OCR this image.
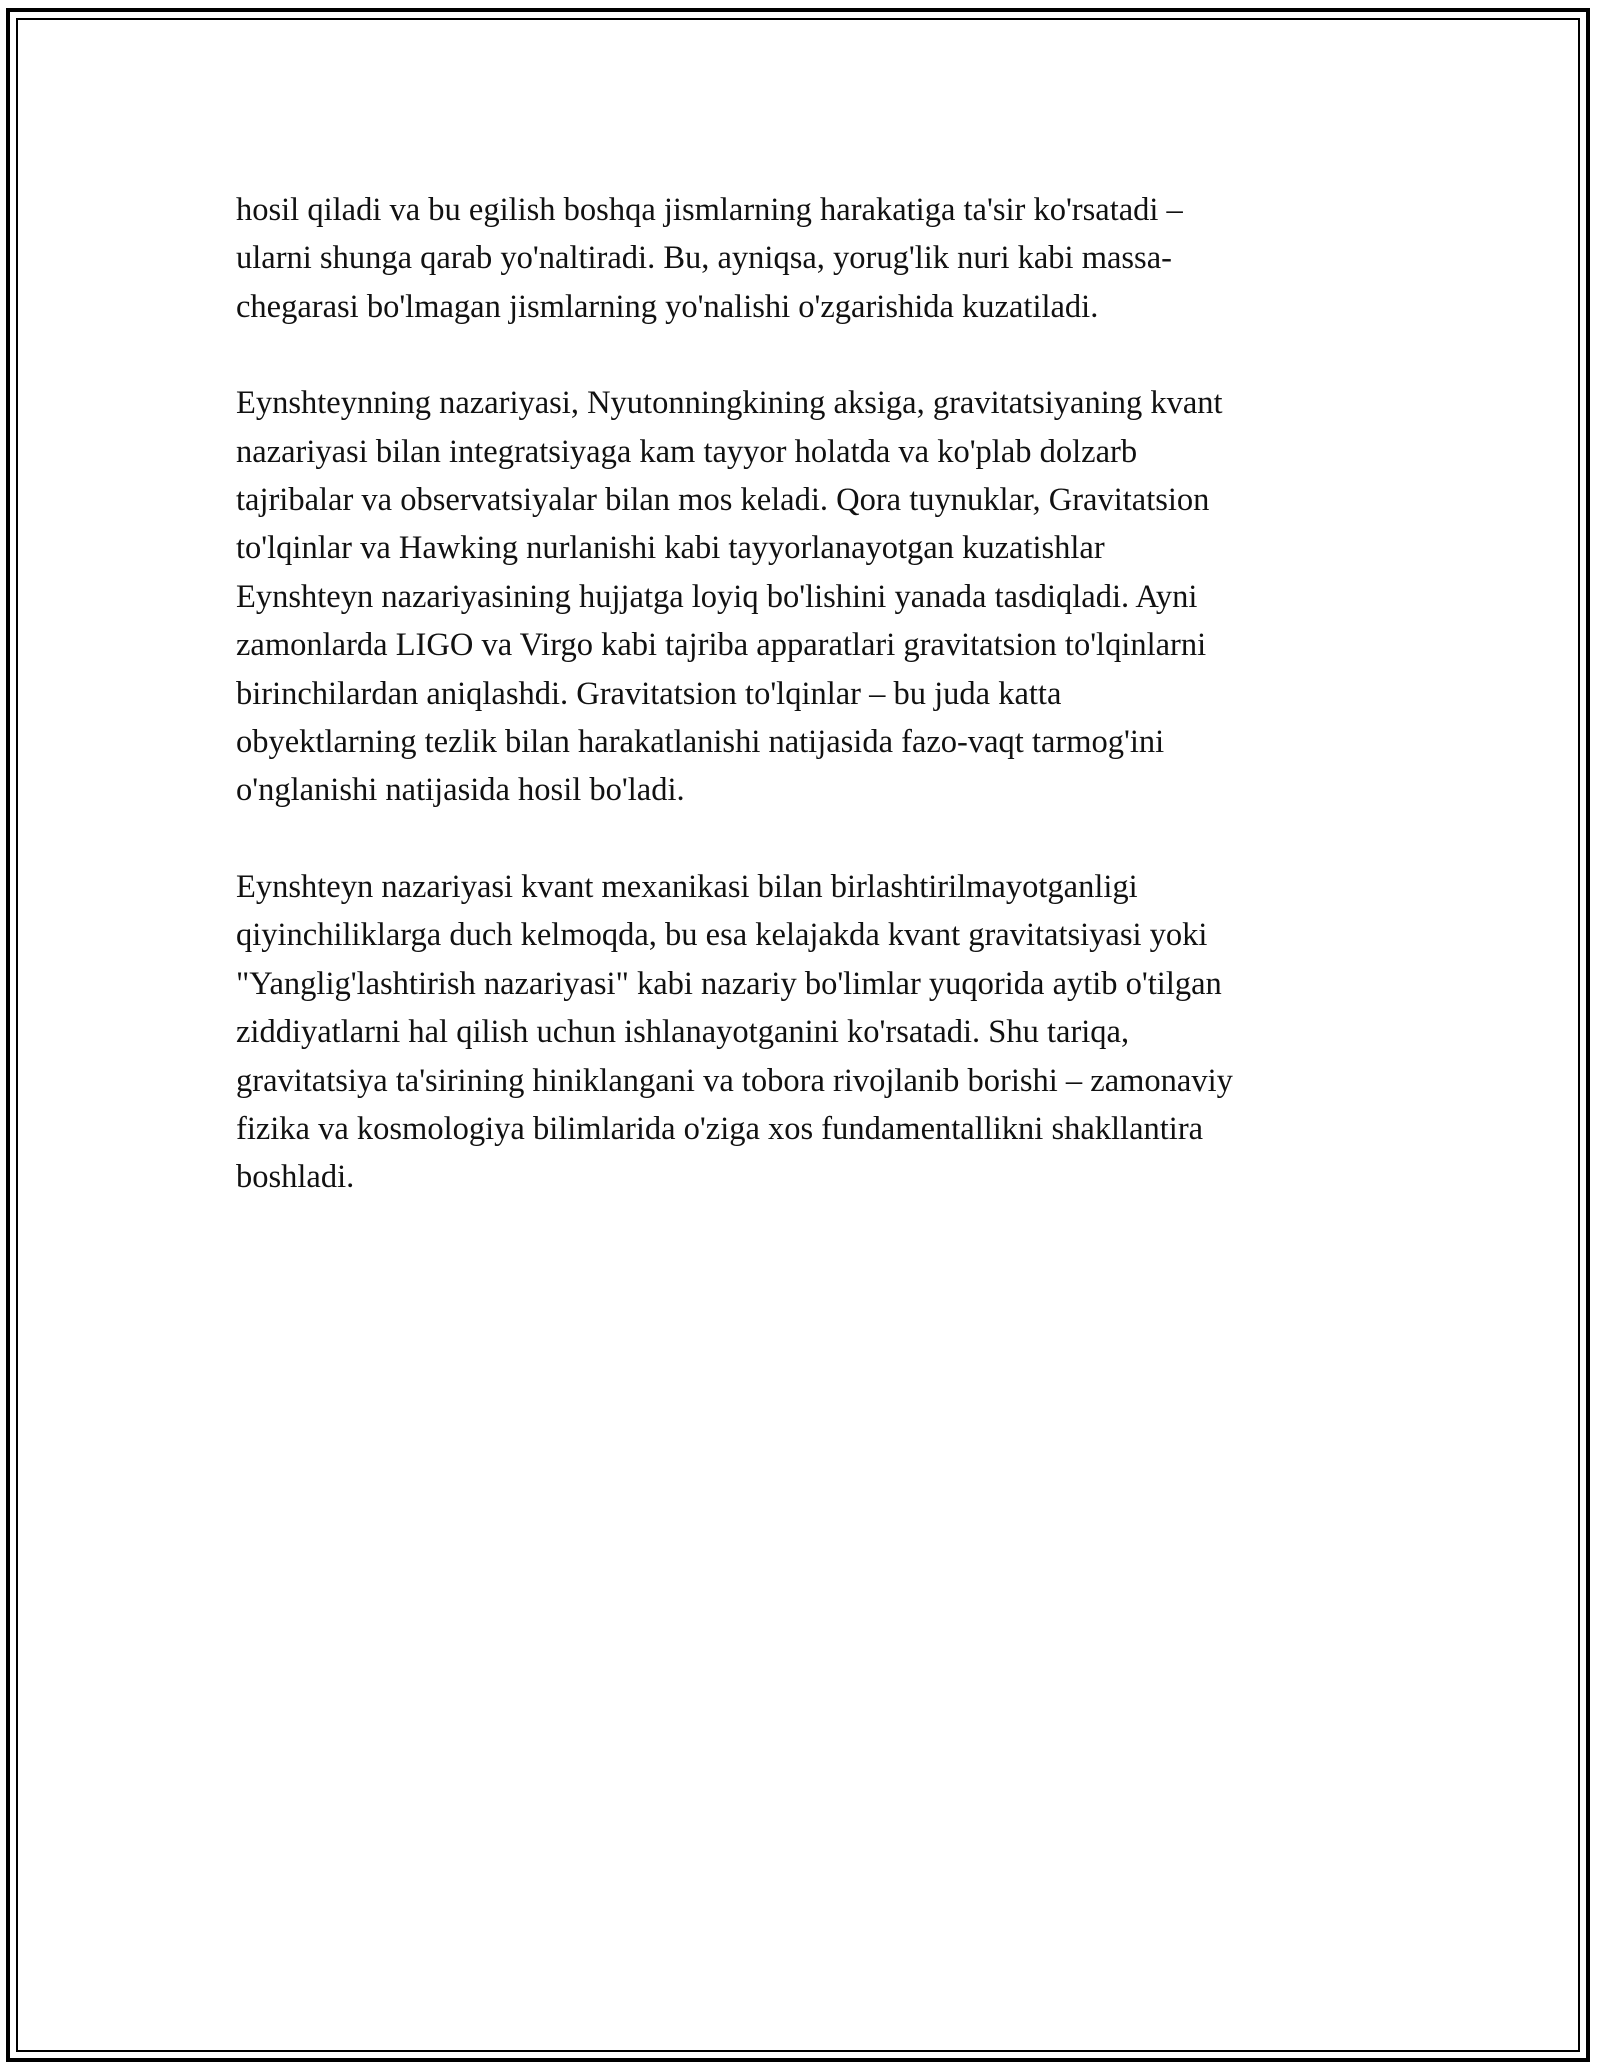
hosil qiladi va bu egilish boshqa jismlarning harakatiga ta'sir ko'rsatadi –
ularni shunga qarab yo'naltiradi. Bu, ayniqsa, yorug'lik nuri kabi massa-
chegarasi bo'lmagan jismlarning yo'nalishi o'zgarishida kuzatiladi.

Eynshteynning nazariyasi, Nyutonningkining aksiga, gravitatsiyaning kvant
nazariyasi bilan integratsiyaga kam tayyor holatda va ko'plab dolzarb
tajribalar va observatsiyalar bilan mos keladi. Qora tuynuklar, Gravitatsion
to'lqinlar va Hawking nurlanishi kabi tayyorlanayotgan kuzatishlar
Eynshteyn nazariyasining hujjatga loyiq bo'lishini yanada tasdiqladi. Ayni
zamonlarda LIGO va Virgo kabi tajriba apparatlari gravitatsion to'lqinlarni
birinchilardan aniqlashdi. Gravitatsion to'lqinlar – bu juda katta
obyektlarning tezlik bilan harakatlanishi natijasida fazo-vaqt tarmog'ini
o'nglanishi natijasida hosil bo'ladi.

Eynshteyn nazariyasi kvant mexanikasi bilan birlashtirilmayotganligi
qiyinchiliklarga duch kelmoqda, bu esa kelajakda kvant gravitatsiyasi yoki
"Yanglig'lashtirish nazariyasi" kabi nazariy bo'limlar yuqorida aytib o'tilgan
ziddiyatlarni hal qilish uchun ishlanayotganini ko'rsatadi. Shu tariqa,
gravitatsiya ta'sirining hiniklangani va tobora rivojlanib borishi – zamonaviy
fizika va kosmologiya bilimlarida o'ziga xos fundamentallikni shakllantira
boshladi.
